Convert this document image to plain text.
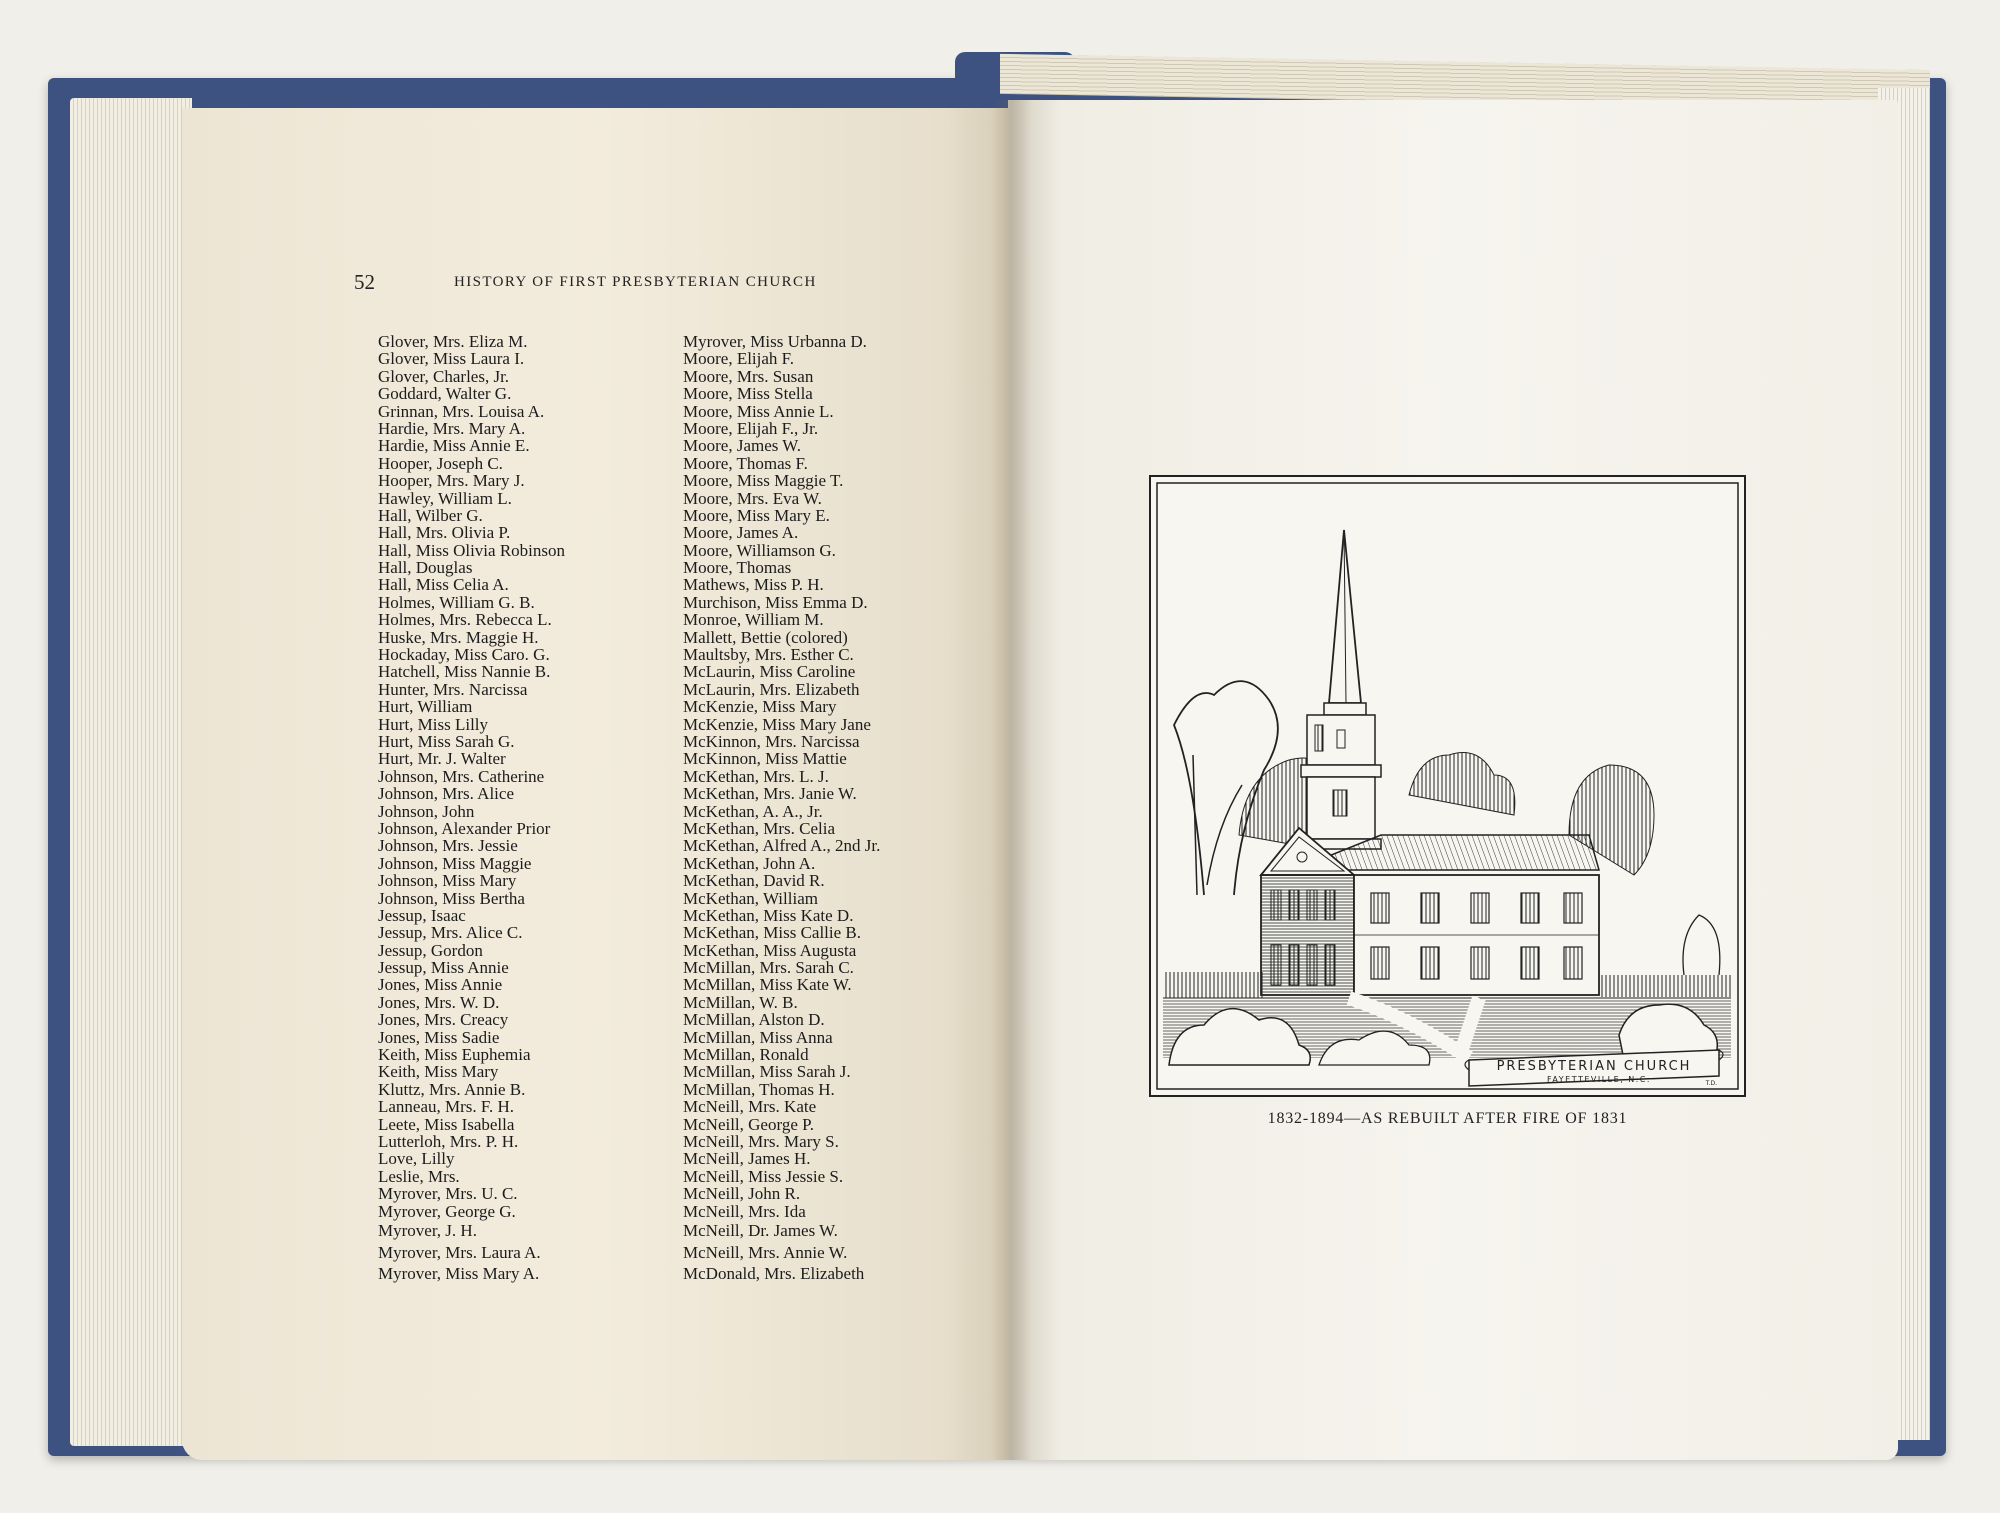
52	HISTORY OF FIRST PRESBYTERIAN CHURCH
Glover, Mrs. Eliza M.
Glover, Miss Laura I.
Glover, Charles, Jr.
Goddard, Walter G.
Grinnan, Mrs. Louisa A.
Hardie, Mrs. Mary A.
Hardie, Miss Annie E.
Hooper, Joseph C.
Hooper, Mrs. Mary J.
Hawley, William L.
Hall, Wilber G.
Hall, Mrs. Olivia P.
Hall, Miss Olivia Robinson
Hall, Douglas
Hall, Miss Celia A.
Holmes, William G. B.
Holmes, Mrs. Rebecca L.
Huske, Mrs. Maggie H.
Hockaday, Miss Caro. G.
Hatchell, Miss Nannie B.
Hunter, Mrs. Narcissa
Hurt, William
Hurt, Miss Lilly
Hurt, Miss Sarah G.
Hurt, Mr. J. Walter
Johnson, Mrs. Catherine
Johnson, Mrs. Alice
Johnson, John
Johnson, Alexander Prior
Johnson, Mrs. Jessie
Johnson, Miss Maggie
Johnson, Miss Mary
Johnson, Miss Bertha
Jessup, Isaac
Jessup, Mrs. Alice C.
Jessup, Gordon
Jessup, Miss Annie
Jones, Miss Annie
Jones, Mrs. W. D.
Jones, Mrs. Creacy
Jones, Miss Sadie
Keith, Miss Euphemia
Keith, Miss Mary
Kluttz, Mrs. Annie B.
Lanneau, Mrs. F. H.
Leete, Miss Isabella
Lutterloh, Mrs. P. H.
Love, Lilly
Leslie, Mrs.
Myrover, Mrs. U. C.
Myrover, George G.
Myrover, J. H.
Myrover, Mrs. Laura A.
Myrover, Miss Mary A.
Myrover, Miss Urbanna D.
Moore, Elijah F.
Moore, Mrs. Susan
Moore, Miss Stella
Moore, Miss Annie L.
Moore, Elijah F., Jr.
Moore, James W.
Moore, Thomas F.
Moore, Miss Maggie T.
Moore, Mrs. Eva W.
Moore, Miss Mary E.
Moore, James A.
Moore, Williamson G.
Moore, Thomas
Mathews, Miss P. H.
Murchison, Miss Emma D.
Monroe, William M.
Mallett, Bettie (colored)
Maultsby, Mrs. Esther C.
McLaurin, Miss Caroline
McLaurin, Mrs. Elizabeth
McKenzie, Miss Mary
McKenzie, Miss Mary Jane
McKinnon, Mrs. Narcissa
McKinnon, Miss Mattie
McKethan, Mrs. L. J.
McKethan, Mrs. Janie W.
McKethan, A. A., Jr.
McKethan, Mrs. Celia
McKethan, Alfred A., 2nd Jr.
McKethan, John A.
McKethan, David R.
McKethan, William
McKethan, Miss Kate D.
McKethan, Miss Callie B.
McKethan, Miss Augusta
McMillan, Mrs. Sarah C.
McMillan, Miss Kate W.
McMillan, W. B.
McMillan, Alston D.
McMillan, Miss Anna
McMillan, Ronald
McMillan, Miss Sarah J.
McMillan, Thomas H.
McNeill, Mrs. Kate
McNeill, George P.
McNeill, Mrs. Mary S.
McNeill, James H.
McNeill, Miss Jessie S.
McNeill, John R.
McNeill, Mrs. Ida
McNeill, Dr. James W.
McNeill, Mrs. Annie W.
McDonald, Mrs. Elizabeth
PRESBYTERIAN CHURCH
FAYETTEVILLE, N.C.	T.D.
1832-1894—AS REBUILT AFTER FIRE OF 1831
